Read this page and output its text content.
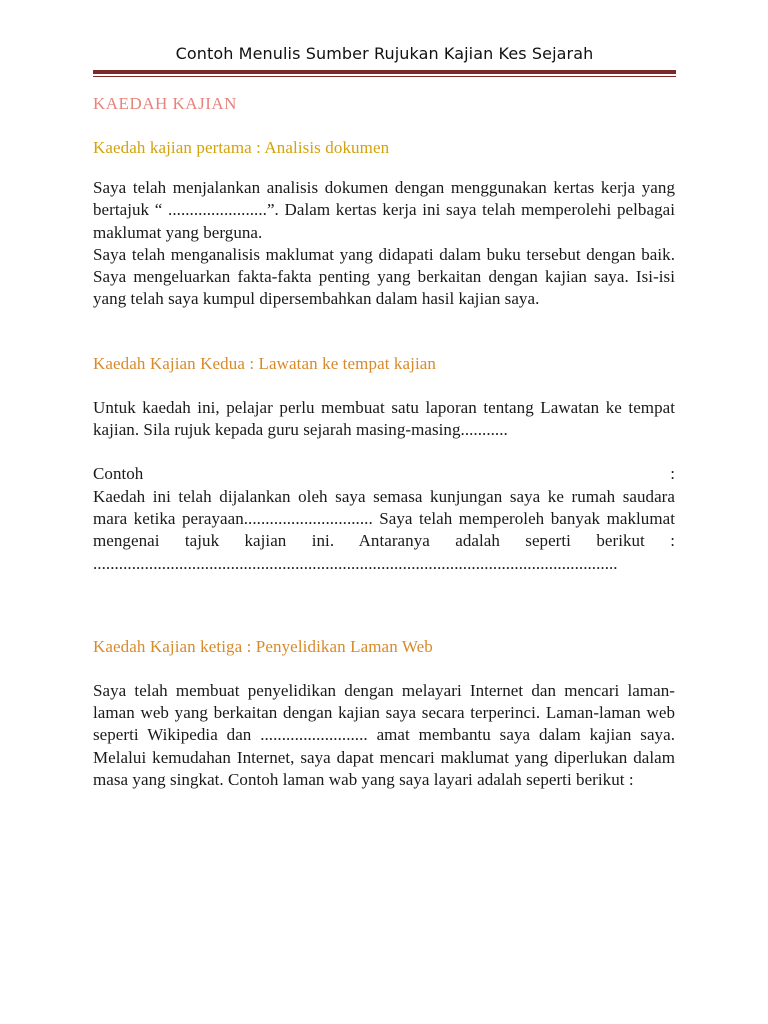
Contoh Menulis Sumber Rujukan Kajian Kes Sejarah
KAEDAH KAJIAN
Kaedah kajian pertama : Analisis dokumen

Saya telah menjalankan analisis dokumen dengan menggunakan kertas kerja yang bertajuk “ .......................”. Dalam kertas kerja ini saya telah memperolehi pelbagai maklumat yang berguna.

Saya telah menganalisis maklumat yang didapati dalam buku tersebut dengan baik. Saya mengeluarkan fakta-fakta penting yang berkaitan dengan kajian saya. Isi-isi yang telah saya kumpul dipersembahkan dalam hasil kajian saya.

Kaedah Kajian Kedua : Lawatan ke tempat kajian

Untuk kaedah ini, pelajar perlu membuat satu laporan tentang Lawatan ke tempat kajian. Sila rujuk kepada guru sejarah masing-masing...........

Contoh :

Kaedah ini telah dijalankan oleh saya semasa kunjungan saya ke rumah saudara mara ketika perayaan.............................. Saya telah memperoleh banyak maklumat mengenai tajuk kajian ini. Antaranya adalah seperti berikut :

..........................................................................................................................

Kaedah Kajian ketiga : Penyelidikan Laman Web

Saya telah membuat penyelidikan dengan melayari Internet dan mencari laman-laman web yang berkaitan dengan kajian saya secara terperinci. Laman-laman web seperti Wikipedia dan ......................... amat membantu saya dalam kajian saya. Melalui kemudahan Internet, saya dapat mencari maklumat yang diperlukan dalam masa yang singkat. Contoh laman wab yang saya layari adalah seperti berikut :
